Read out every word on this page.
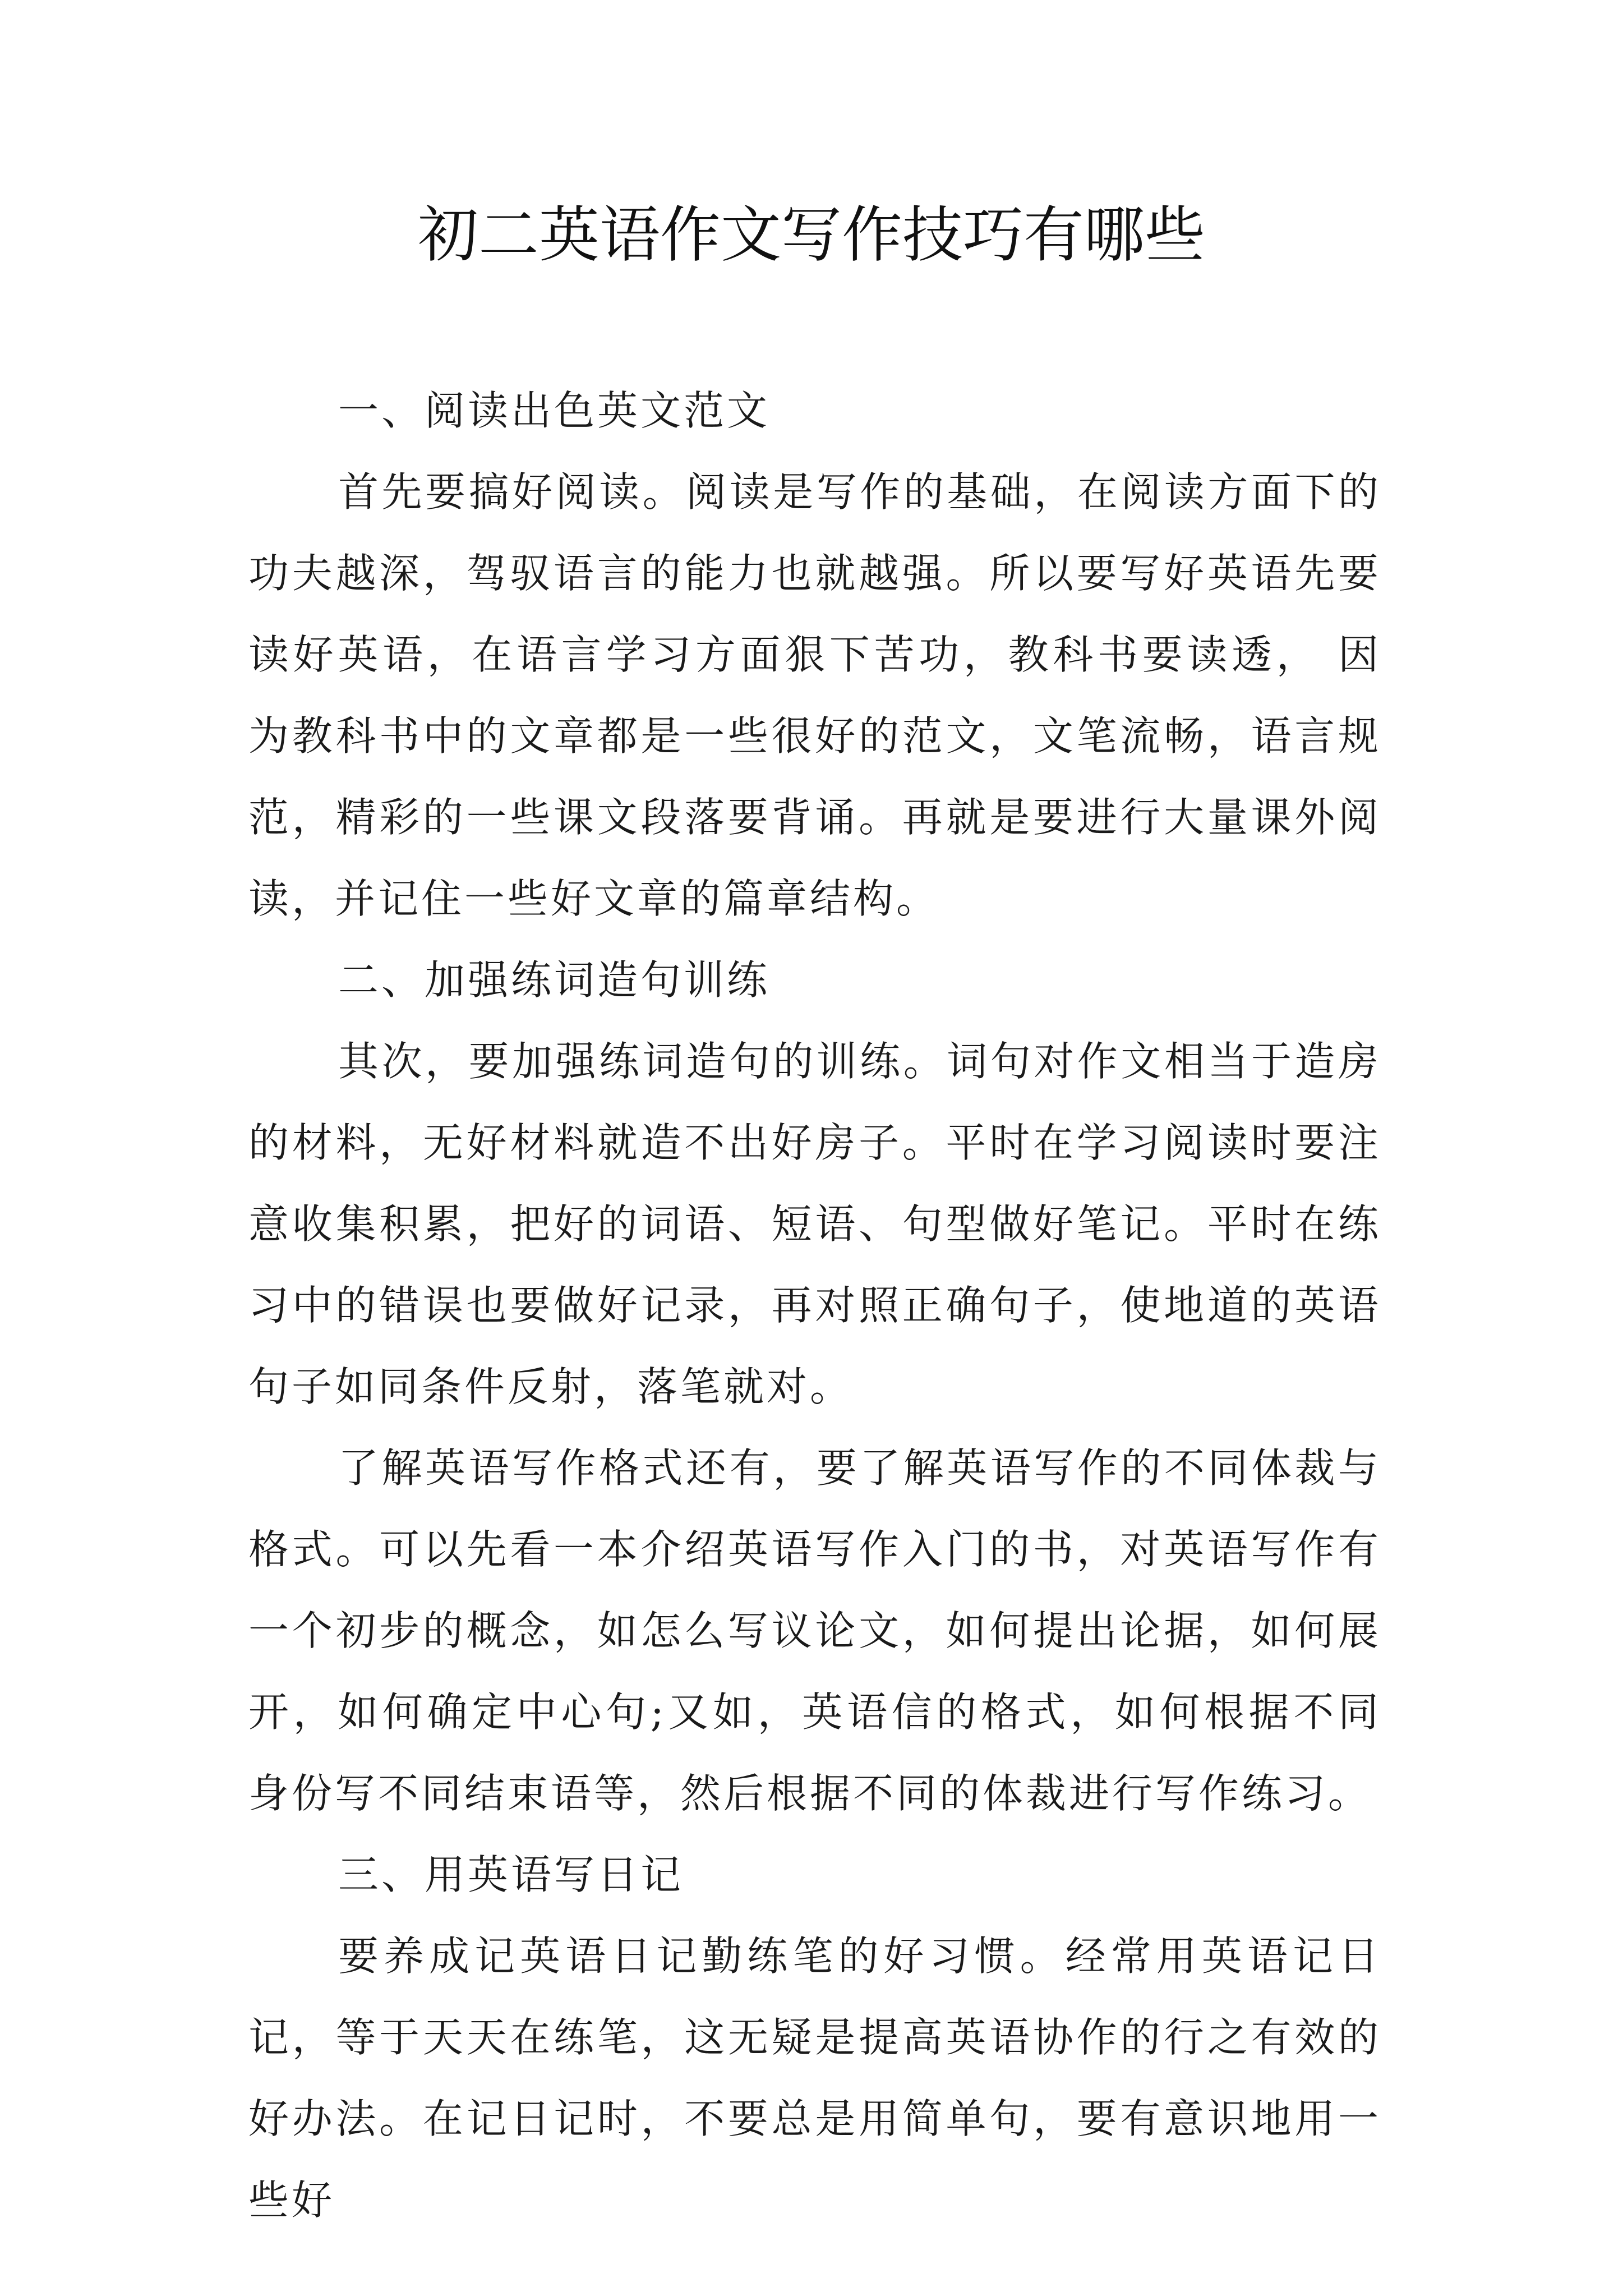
初二英语作文写作技巧有哪些

一、阅读出色英文范文

首先要搞好阅读。阅读是写作的基础，在阅读方面下的功夫越深，驾驭语言的能力也就越强。所以要写好英语先要读好英语，在语言学习方面狠下苦功，教科书要读透， 因为教科书中的文章都是一些很好的范文，文笔流畅，语言规范，精彩的一些课文段落要背诵。再就是要进行大量课外阅读，并记住一些好文章的篇章结构。

二、加强练词造句训练

其次，要加强练词造句的训练。词句对作文相当于造房的材料，无好材料就造不出好房子。平时在学习阅读时要注意收集积累，把好的词语、短语、句型做好笔记。平时在练习中的错误也要做好记录，再对照正确句子，使地道的英语句子如同条件反射，落笔就对。

了解英语写作格式还有，要了解英语写作的不同体裁与格式。可以先看一本介绍英语写作入门的书，对英语写作有一个初步的概念，如怎么写议论文，如何提出论据，如何展开，如何确定中心句;又如，英语信的格式，如何根据不同身份写不同结束语等，然后根据不同的体裁进行写作练习。

三、用英语写日记

要养成记英语日记勤练笔的好习惯。经常用英语记日记，等于天天在练笔，这无疑是提高英语协作的行之有效的好办法。在记日记时，不要总是用简单句，要有意识地用一些好
